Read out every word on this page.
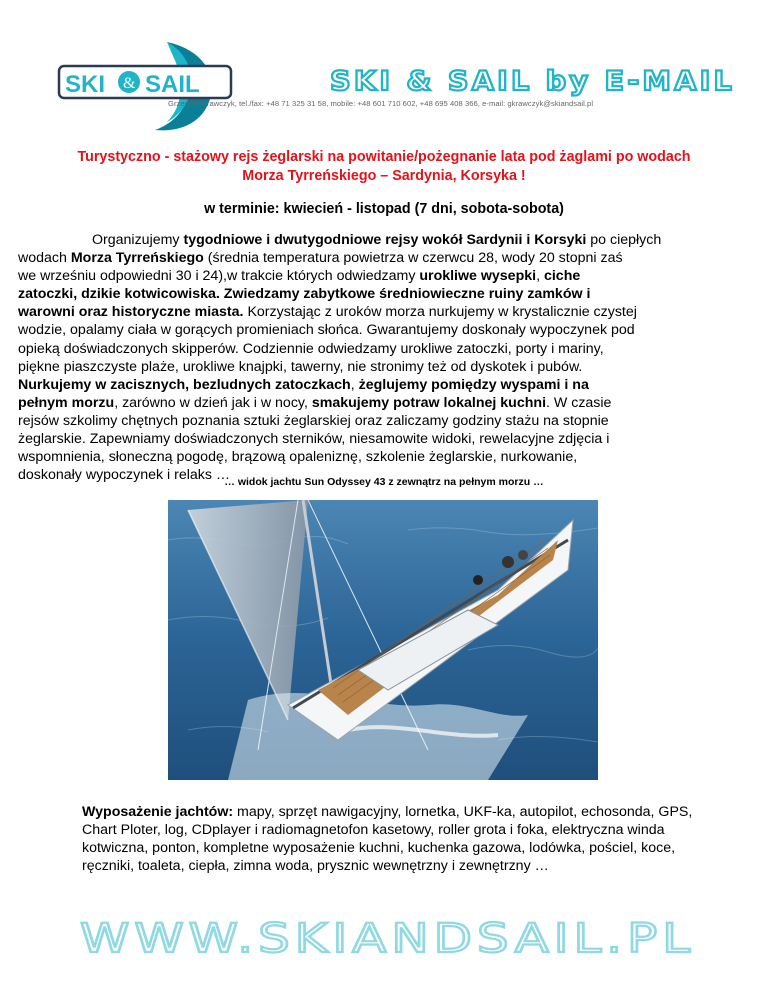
SKI & SAIL	SKI & SAIL by E-MAIL
Grzegorz Krawczyk, tel./fax: +48 71 325 31 58, mobile: +48 601 710 602, +48 695 408 366, e-mail: gkrawczyk@skiandsail.pl
Turystyczno - stażowy rejs żeglarski na powitanie/pożegnanie lata pod żaglami po wodach
Morza Tyrreńskiego – Sardynia, Korsyka !
w terminie: kwiecień - listopad (7 dni, sobota-sobota)
Organizujemy tygodniowe i dwutygodniowe rejsy wokół Sardynii i Korsyki po ciepłych
wodach Morza Tyrreńskiego (średnia temperatura powietrza w czerwcu 28, wody 20 stopni zaś
we wrześniu odpowiedni 30 i 24),w trakcie których odwiedzamy urokliwe wysepki, ciche
zatoczki, dzikie kotwicowiska. Zwiedzamy zabytkowe średniowieczne ruiny zamków i
warowni oraz historyczne miasta. Korzystając z uroków morza nurkujemy w krystalicznie czystej
wodzie, opalamy ciała w gorących promieniach słońca. Gwarantujemy doskonały wypoczynek pod
opieką doświadczonych skipperów. Codziennie odwiedzamy urokliwe zatoczki, porty i mariny,
piękne piaszczyste plaże, urokliwe knajpki, tawerny, nie stronimy też od dyskotek i pubów.
Nurkujemy w zacisznych, bezludnych zatoczkach, żeglujemy pomiędzy wyspami i na
pełnym morzu, zarówno w dzień jak i w nocy, smakujemy potraw lokalnej kuchni. W czasie
rejsów szkolimy chętnych poznania sztuki żeglarskiej oraz zaliczamy godziny stażu na stopnie
żeglarskie. Zapewniamy doświadczonych sterników, niesamowite widoki, rewelacyjne zdjęcia i
wspomnienia, słoneczną pogodę, brązową opaleniznę, szkolenie żeglarskie, nurkowanie,
doskonały wypoczynek i relaks …
… widok jachtu Sun Odyssey 43 z zewnątrz na pełnym morzu …
Wyposażenie jachtów: mapy, sprzęt nawigacyjny, lornetka, UKF-ka, autopilot, echosonda, GPS,
Chart Ploter, log, CDplayer i radiomagnetofon kasetowy, roller grota i foka, elektryczna winda
kotwiczna, ponton, kompletne wyposażenie kuchni, kuchenka gazowa, lodówka, pościel, koce,
ręczniki, toaleta, ciepła, zimna woda, prysznic wewnętrzny i zewnętrzny …
WWW.SKIANDSAIL.PL
